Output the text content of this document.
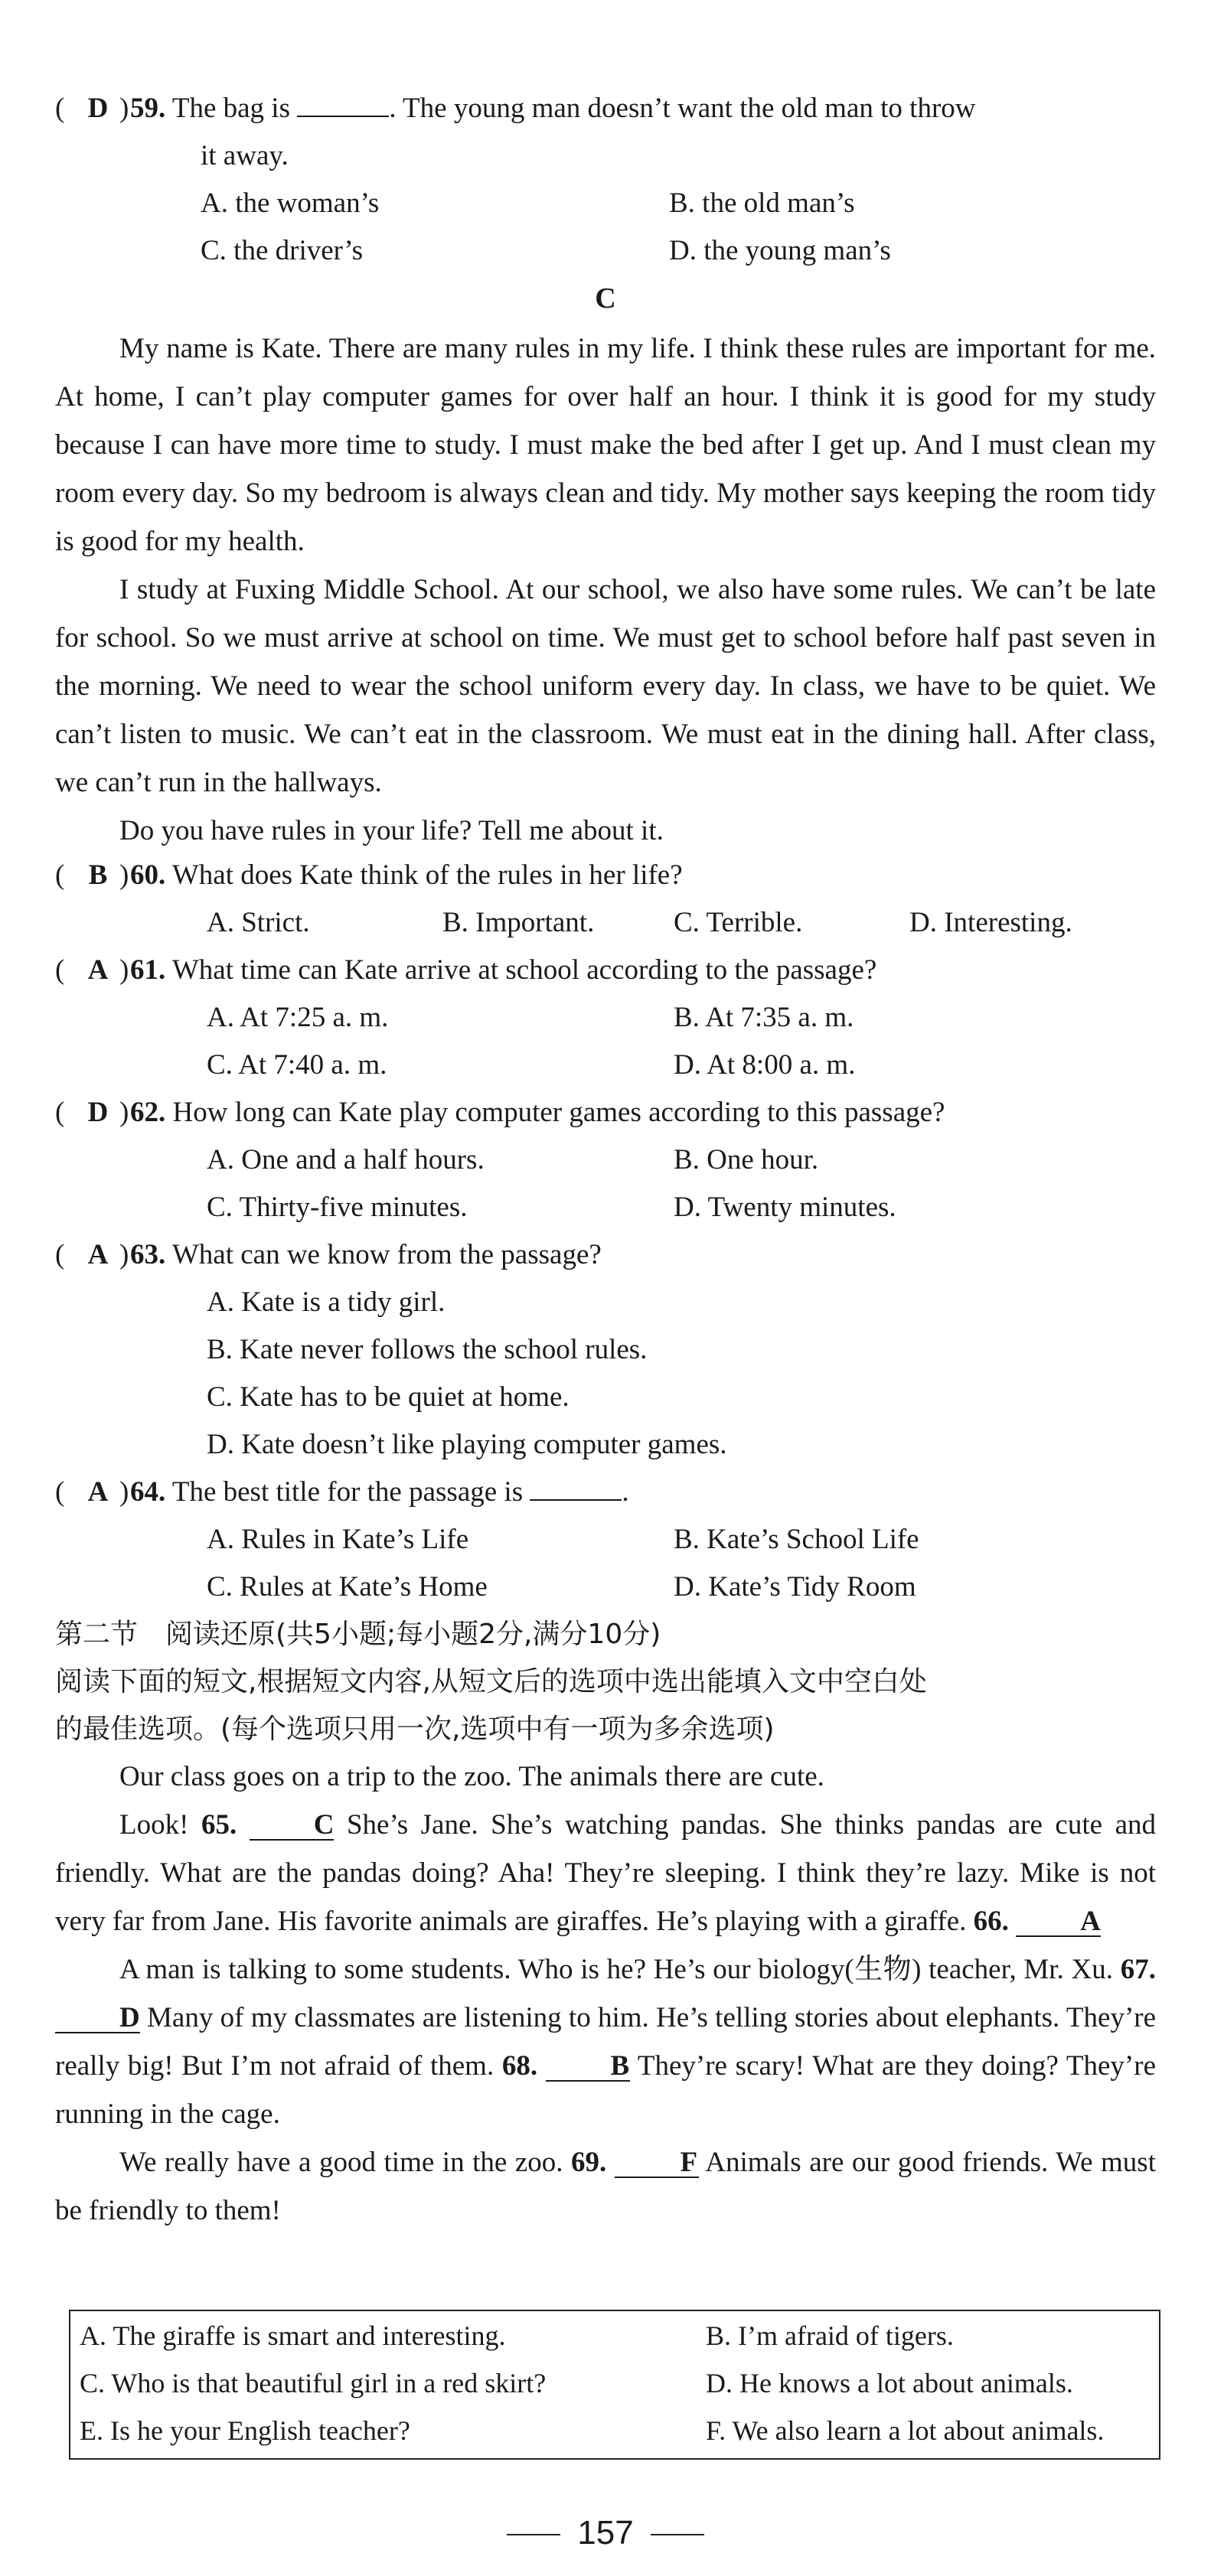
( D )59. The bag is	. The young man doesn’t want the old man to throw
it away.
A. the woman’s	B. the old man’s
C. the driver’s	D. the young man’s
C

My name is Kate. There are many rules in my life. I think these rules are important for me. At home, I can’t play computer games for over half an hour. I think it is good for my study because I can have more time to study. I must make the bed after I get up. And I must clean my room every day. So my bedroom is always clean and tidy. My mother says keeping the room tidy is good for my health.

I study at Fuxing Middle School. At our school, we also have some rules. We can’t be late for school. So we must arrive at school on time. We must get to school before half past seven in the morning. We need to wear the school uniform every day. In class, we have to be quiet. We can’t listen to music. We can’t eat in the classroom. We must eat in the dining hall. After class, we can’t run in the hallways.

Do you have rules in your life? Tell me about it.

( B )60. What does Kate think of the rules in her life?
A. Strict.	B. Important.	C. Terrible.	D. Interesting.
( A )61. What time can Kate arrive at school according to the passage?
A. At 7:25 a. m.	B. At 7:35 a. m.
C. At 7:40 a. m.	D. At 8:00 a. m.
( D )62. How long can Kate play computer games according to this passage?
A. One and a half hours.	B. One hour.
C. Thirty-five minutes.	D. Twenty minutes.
( A )63. What can we know from the passage?
A. Kate is a tidy girl.
B. Kate never follows the school rules.
C. Kate has to be quiet at home.
D. Kate doesn’t like playing computer games.
( A )64. The best title for the passage is	.
A. Rules in Kate’s Life	B. Kate’s School Life
C. Rules at Kate’s Home	D. Kate’s Tidy Room
第二节　阅读还原(共5小题;每小题2分,满分10分)
阅读下面的短文,根据短文内容,从短文后的选项中选出能填入文中空白处
的最佳选项。(每个选项只用一次,选项中有一项为多余选项)

Our class goes on a trip to the zoo. The animals there are cute.

Look! 65.	C She’s Jane. She’s watching pandas. She thinks pandas are cute and friendly. What are the pandas doing? Aha! They’re sleeping. I think they’re lazy. Mike is not very far from Jane. His favorite animals are giraffes. He’s playing with a giraffe. 66.	A

A man is talking to some students. Who is he? He’s our biology(生物) teacher, Mr. Xu. 67. D Many of my classmates are listening to him. He’s telling stories about elephants. They’re really big! But I’m not afraid of them. 68.	B They’re scary! What are they doing? They’re running in the cage.

We really have a good time in the zoo. 69.	F Animals are our good friends. We must be friendly to them!

A. The giraffe is smart and interesting.	B. I’m afraid of tigers.
C. Who is that beautiful girl in a red skirt?	D. He knows a lot about animals.
E. Is he your English teacher?	F. We also learn a lot about animals.
157
